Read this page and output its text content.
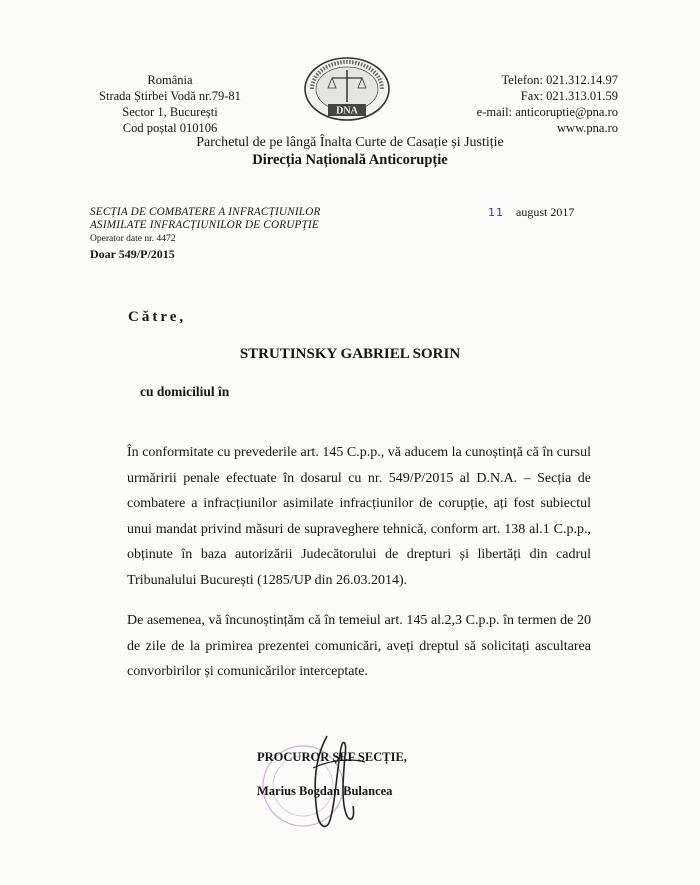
România
Strada Știrbei Vodă nr.79-81
Sector 1, București
Cod poștal 010106
DNA
Telefon: 021.312.14.97
Fax: 021.313.01.59
e-mail: anticoruptie@pna.ro
www.pna.ro
Parchetul de pe lângă Înalta Curte de Casație și Justiție
Direcția Națională Anticorupție
SECȚIA DE COMBATERE A INFRACȚIUNILOR
ASIMILATE INFRACȚIUNILOR DE CORUPȚIE
Operator date nr. 4472
Doar 549/P/2015
11 august 2017
Către,
STRUTINSKY GABRIEL SORIN
cu domiciliul în

În conformitate cu prevederile art. 145 C.p.p., vă aducem la cunoștință că în cursul urmăririi penale efectuate în dosarul cu nr. 549/P/2015 al D.N.A. – Secția de combatere a infracțiunilor asimilate infracțiunilor de corupție, ați fost subiectul unui mandat privind măsuri de supraveghere tehnică, conform art. 138 al.1 C.p.p., obținute în baza autorizării Judecătorului de drepturi și libertăți din cadrul Tribunalului București (1285/UP din 26.03.2014).

De asemenea, vă încunoștințăm că în temeiul art. 145 al.2,3 C.p.p. în termen de 20 de zile de la primirea prezentei comunicări, aveți dreptul să solicitați ascultarea convorbirilor și comunicărilor interceptate.

PROCUROR ȘEF SECȚIE,
Marius Bogdan Bulancea
